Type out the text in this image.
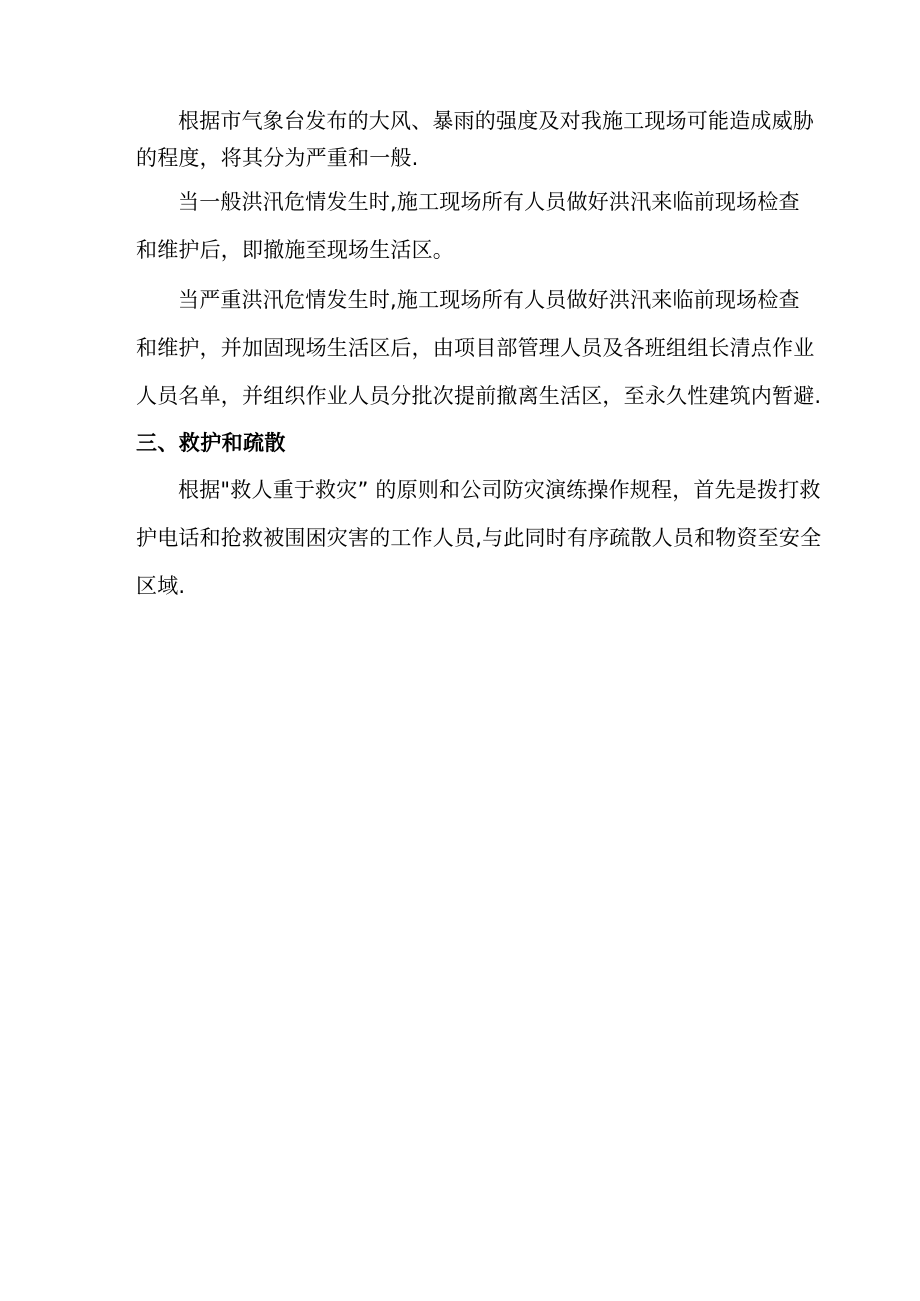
根据市气象台发布的大风、暴雨的强度及对我施工现场可能造成威胁
的程度，将其分为严重和一般.
当一般洪汛危情发生时,施工现场所有人员做好洪汛来临前现场检查
和维护后，即撤施至现场生活区。
当严重洪汛危情发生时,施工现场所有人员做好洪汛来临前现场检查
和维护，并加固现场生活区后，由项目部管理人员及各班组组长清点作业
人员名单，并组织作业人员分批次提前撤离生活区，至永久性建筑内暂避.
三、救护和疏散
根据"救人重于救灾” 的原则和公司防灾演练操作规程，首先是拨打救
护电话和抢救被围困灾害的工作人员,与此同时有序疏散人员和物资至安全
区域.
